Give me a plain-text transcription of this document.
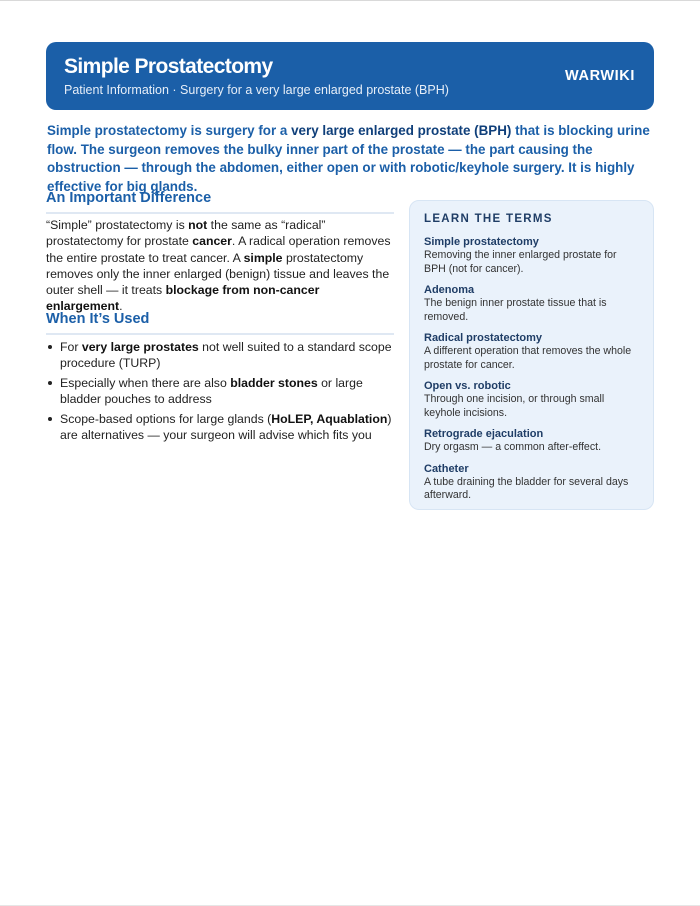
Simple Prostatectomy
Patient Information · Surgery for a very large enlarged prostate (BPH)
WARWIKI
Simple prostatectomy is surgery for a very large enlarged prostate (BPH) that is blocking urine flow. The surgeon removes the bulky inner part of the prostate — the part causing the obstruction — through the abdomen, either open or with robotic/keyhole surgery. It is highly effective for big glands.
An Important Difference
“Simple” prostatectomy is not the same as “radical” prostatectomy for prostate cancer. A radical operation removes the entire prostate to treat cancer. A simple prostatectomy removes only the inner enlarged (benign) tissue and leaves the outer shell — it treats blockage from non-cancer enlargement.
When It’s Used
For very large prostates not well suited to a standard scope procedure (TURP)
Especially when there are also bladder stones or large bladder pouches to address
Scope-based options for large glands (HoLEP, Aquablation) are alternatives — your surgeon will advise which fits you
LEARN THE TERMS
Simple prostatectomy
Removing the inner enlarged prostate for BPH (not for cancer).
Adenoma
The benign inner prostate tissue that is removed.
Radical prostatectomy
A different operation that removes the whole prostate for cancer.
Open vs. robotic
Through one incision, or through small keyhole incisions.
Retrograde ejaculation
Dry orgasm — a common after-effect.
Catheter
A tube draining the bladder for several days afterward.
